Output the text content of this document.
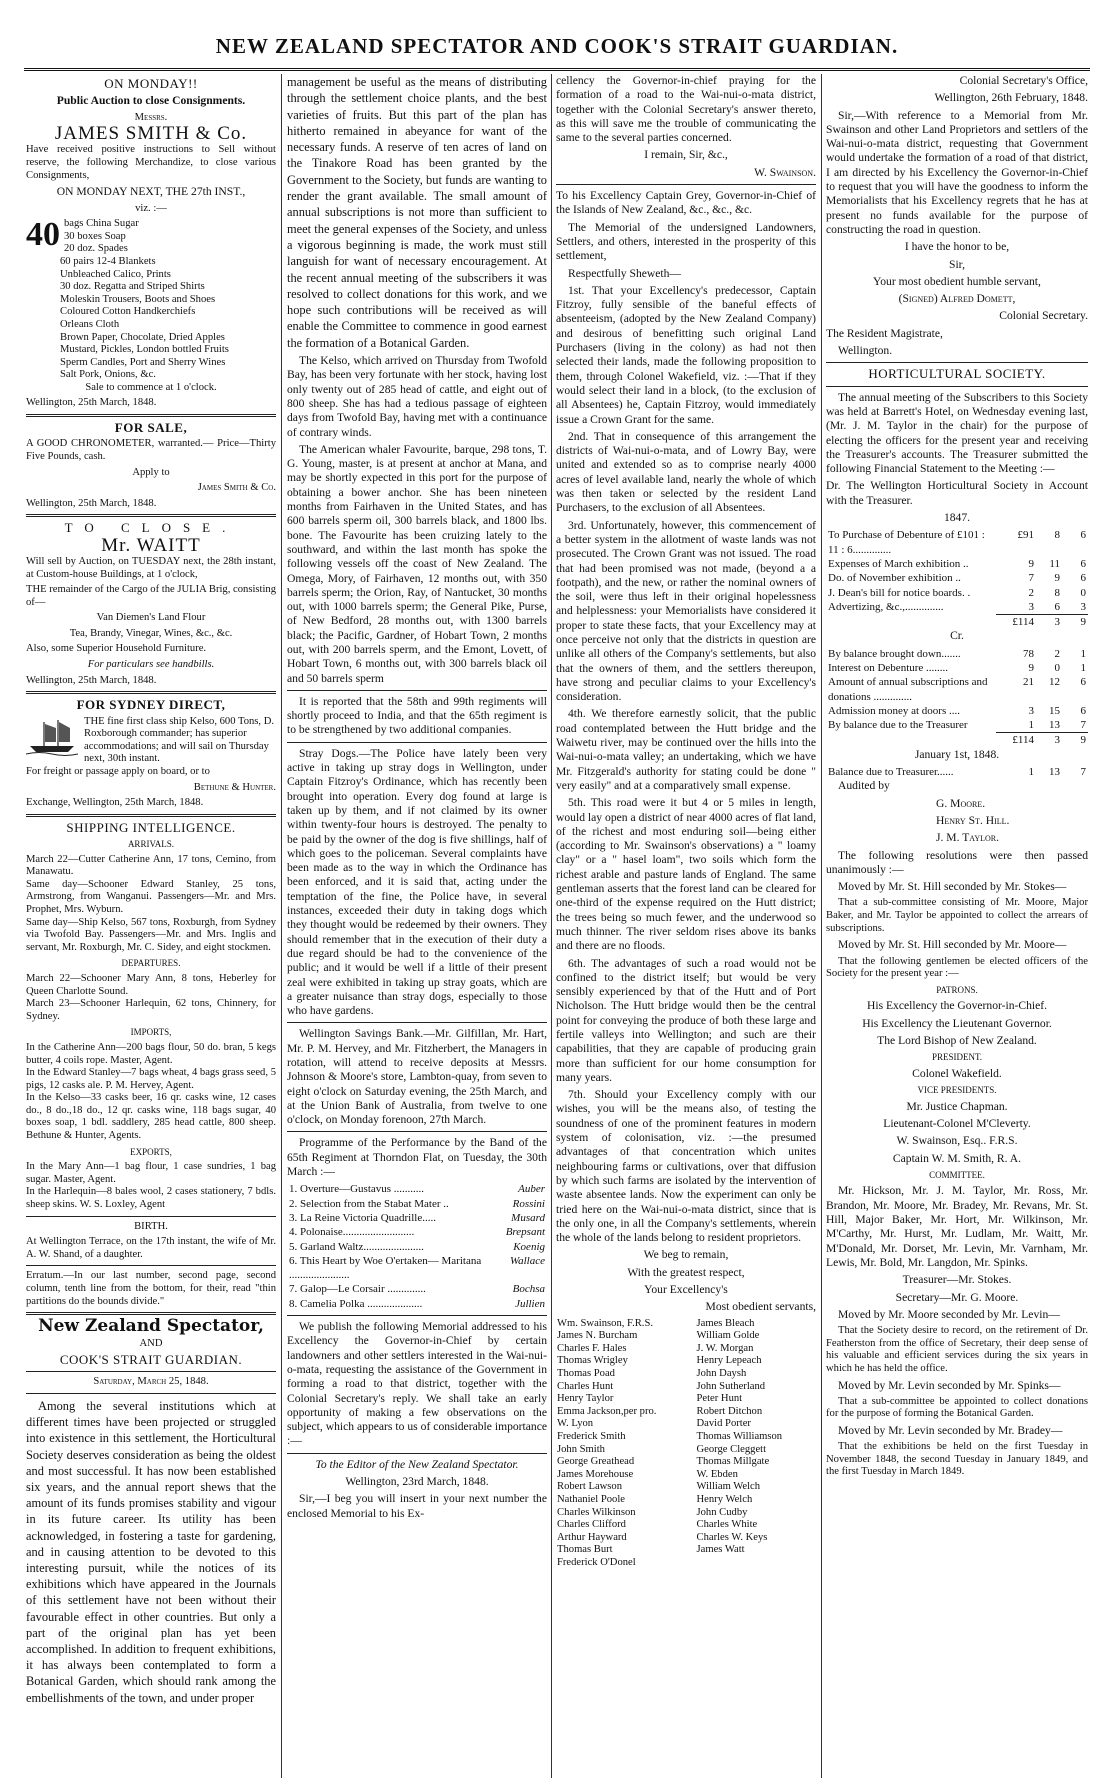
NEW ZEALAND SPECTATOR AND COOK'S STRAIT GUARDIAN.
ON MONDAY!!

Public Auction to close Consignments.

Messrs.

JAMES SMITH & Co.

Have received positive instructions to Sell without reserve, the following Merchandize, to close various Consignments,

ON MONDAY NEXT, THE 27th INST.,

viz. :—

40 bags China Sugar
30 boxes Soap
20 doz. Spades
60 pairs 12-4 Blankets
Unbleached Calico, Prints
30 doz. Regatta and Striped Shirts
Moleskin Trousers, Boots and Shoes
Coloured Cotton Handkerchiefs
Orleans Cloth
Brown Paper, Chocolate, Dried Apples
Mustard, Pickles, London bottled Fruits
Sperm Candles, Port and Sherry Wines
Salt Pork, Onions, &c.

Sale to commence at 1 o'clock.

Wellington, 25th March, 1848.

FOR SALE,

A GOOD CHRONOMETER, warranted.— Price—Thirty Five Pounds, cash.

Apply to

James Smith & Co.

Wellington, 25th March, 1848.

TO CLOSE.
Mr. WAITT

Will sell by Auction, on TUESDAY next, the 28th instant, at Custom-house Buildings, at 1 o'clock,

THE remainder of the Cargo of the JULIA Brig, consisting of—

Van Diemen's Land Flour

Tea, Brandy, Vinegar, Wines, &c., &c.

Also, some Superior Household Furniture.

For particulars see handbills.

Wellington, 25th March, 1848.

FOR SYDNEY DIRECT,
THE fine first class ship Kelso, 600 Tons, D. Roxborough commander; has superior accommodations; and will sail on Thursday next, 30th instant.

For freight or passage apply on board, or to

Bethune & Hunter.

Exchange, Wellington, 25th March, 1848.

SHIPPING INTELLIGENCE.

ARRIVALS.

March 22—Cutter Catherine Ann, 17 tons, Cemino, from Manawatu.
Same day—Schooner Edward Stanley, 25 tons, Armstrong, from Wanganui. Passengers—Mr. and Mrs. Prophet, Mrs. Wyburn.
Same day—Ship Kelso, 567 tons, Roxburgh, from Sydney via Twofold Bay. Passengers—Mr. and Mrs. Inglis and servant, Mr. Roxburgh, Mr. C. Sidey, and eight stockmen.

DEPARTURES.

March 22—Schooner Mary Ann, 8 tons, Heberley for Queen Charlotte Sound.
March 23—Schooner Harlequin, 62 tons, Chinnery, for Sydney.

IMPORTS,

In the Catherine Ann—200 bags flour, 50 do. bran, 5 kegs butter, 4 coils rope. Master, Agent.
In the Edward Stanley—7 bags wheat, 4 bags grass seed, 5 pigs, 12 casks ale. P. M. Hervey, Agent.
In the Kelso—33 casks beer, 16 qr. casks wine, 12 cases do., 8 do.,18 do., 12 qr. casks wine, 118 bags sugar, 40 boxes soap, 1 bdl. saddlery, 285 head cattle, 800 sheep. Bethune & Hunter, Agents.

EXPORTS,

In the Mary Ann—1 bag flour, 1 case sundries, 1 bag sugar. Master, Agent.
In the Harlequin—8 bales wool, 2 cases stationery, 7 bdls. sheep skins. W. S. Loxley, Agent

BIRTH.

At Wellington Terrace, on the 17th instant, the wife of Mr. A. W. Shand, of a daughter.

Erratum.—In our last number, second page, second column, tenth line from the bottom, for their, read "thin partitions do the bounds divide."

New Zealand Spectator,

AND

COOK'S STRAIT GUARDIAN.

Saturday, March 25, 1848.

Among the several institutions which at different times have been projected or struggled into existence in this settlement, the Horticultural Society deserves consideration as being the oldest and most successful. It has now been established six years, and the annual report shews that the amount of its funds promises stability and vigour in its future career. Its utility has been acknowledged, in fostering a taste for gardening, and in causing attention to be devoted to this interesting pursuit, while the notices of its exhibitions which have appeared in the Journals of this settlement have not been without their favourable effect in other countries. But only a part of the original plan has yet been accomplished. In addition to frequent exhibitions, it has always been contemplated to form a Botanical Garden, which should rank among the embellishments of the town, and under proper

management be useful as the means of distributing through the settlement choice plants, and the best varieties of fruits. But this part of the plan has hitherto remained in abeyance for want of the necessary funds. A reserve of ten acres of land on the Tinakore Road has been granted by the Government to the Society, but funds are wanting to render the grant available. The small amount of annual subscriptions is not more than sufficient to meet the general expenses of the Society, and unless a vigorous beginning is made, the work must still languish for want of necessary encouragement. At the recent annual meeting of the subscribers it was resolved to collect donations for this work, and we hope such contributions will be received as will enable the Committee to commence in good earnest the formation of a Botanical Garden.

The Kelso, which arrived on Thursday from Twofold Bay, has been very fortunate with her stock, having lost only twenty out of 285 head of cattle, and eight out of 800 sheep. She has had a tedious passage of eighteen days from Twofold Bay, having met with a continuance of contrary winds.

The American whaler Favourite, barque, 298 tons, T. G. Young, master, is at present at anchor at Mana, and may be shortly expected in this port for the purpose of obtaining a bower anchor. She has been nineteen months from Fairhaven in the United States, and has 600 barrels sperm oil, 300 barrels black, and 1800 lbs. bone. The Favourite has been cruizing lately to the southward, and within the last month has spoke the following vessels off the coast of New Zealand. The Omega, Mory, of Fairhaven, 12 months out, with 350 barrels sperm; the Orion, Ray, of Nantucket, 30 months out, with 1000 barrels sperm; the General Pike, Purse, of New Bedford, 28 months out, with 1300 barrels black; the Pacific, Gardner, of Hobart Town, 2 months out, with 200 barrels sperm, and the Emont, Lovett, of Hobart Town, 6 months out, with 300 barrels black oil and 50 barrels sperm

It is reported that the 58th and 99th regiments will shortly proceed to India, and that the 65th regiment is to be strengthened by two additional companies.

Stray Dogs.—The Police have lately been very active in taking up stray dogs in Wellington, under Captain Fitzroy's Ordinance, which has recently been brought into operation. Every dog found at large is taken up by them, and if not claimed by its owner within twenty-four hours is destroyed. The penalty to be paid by the owner of the dog is five shillings, half of which goes to the policeman. Several complaints have been made as to the way in which the Ordinance has been enforced, and it is said that, acting under the temptation of the fine, the Police have, in several instances, exceeded their duty in taking dogs which they thought would be redeemed by their owners. They should remember that in the execution of their duty a due regard should be had to the convenience of the public; and it would be well if a little of their present zeal were exhibited in taking up stray goats, which are a greater nuisance than stray dogs, especially to those who have gardens.

Wellington Savings Bank.—Mr. Gilfillan, Mr. Hart, Mr. P. M. Hervey, and Mr. Fitzherbert, the Managers in rotation, will attend to receive deposits at Messrs. Johnson & Moore's store, Lambton-quay, from seven to eight o'clock on Saturday evening, the 25th March, and at the Union Bank of Australia, from twelve to one o'clock, on Monday forenoon, 27th March.

Programme of the Performance by the Band of the 65th Regiment at Thorndon Flat, on Tuesday, the 30th March :—

1. Overture—Gustavus ...........	Auber
2. Selection from the Stabat Mater ..	Rossini
3. La Reine Victoria Quadrille.....	Musard
4. Polonaise..........................	Brepsant
5. Garland Waltz......................	Koenig
6. This Heart by Woe O'ertaken— Maritana ......................	Wallace
7. Galop—Le Corsair ..............	Bochsa
8. Camelia Polka ....................	Jullien

We publish the following Memorial addressed to his Excellency the Governor-in-Chief by certain landowners and other settlers interested in the Wai-nui-o-mata, requesting the assistance of the Government in forming a road to that district, together with the Colonial Secretary's reply. We shall take an early opportunity of making a few observations on the subject, which appears to us of considerable importance :—

To the Editor of the New Zealand Spectator.

Wellington, 23rd March, 1848.

Sir,—I beg you will insert in your next number the enclosed Memorial to his Ex-

cellency the Governor-in-chief praying for the formation of a road to the Wai-nui-o-mata district, together with the Colonial Secretary's answer thereto, as this will save me the trouble of communicating the same to the several parties concerned.

I remain, Sir, &c.,

W. Swainson.

To his Excellency Captain Grey, Governor-in-Chief of the Islands of New Zealand, &c., &c., &c.

The Memorial of the undersigned Landowners, Settlers, and others, interested in the prosperity of this settlement,

Respectfully Sheweth—

1st. That your Excellency's predecessor, Captain Fitzroy, fully sensible of the baneful effects of absenteeism, (adopted by the New Zealand Company) and desirous of benefitting such original Land Purchasers (living in the colony) as had not then selected their lands, made the following proposition to them, through Colonel Wakefield, viz. :—That if they would select their land in a block, (to the exclusion of all Absentees) he, Captain Fitzroy, would immediately issue a Crown Grant for the same.

2nd. That in consequence of this arrangement the districts of Wai-nui-o-mata, and of Lowry Bay, were united and extended so as to comprise nearly 4000 acres of level available land, nearly the whole of which was then taken or selected by the resident Land Purchasers, to the exclusion of all Absentees.

3rd. Unfortunately, however, this commencement of a better system in the allotment of waste lands was not prosecuted. The Crown Grant was not issued. The road that had been promised was not made, (beyond a a footpath), and the new, or rather the nominal owners of the soil, were thus left in their original hopelessness and helplessness: your Memorialists have considered it proper to state these facts, that your Excellency may at once perceive not only that the districts in question are unlike all others of the Company's settlements, but also that the owners of them, and the settlers thereupon, have strong and peculiar claims to your Excellency's consideration.

4th. We therefore earnestly solicit, that the public road contemplated between the Hutt bridge and the Waiwetu river, may be continued over the hills into the Wai-nui-o-mata valley; an undertaking, which we have Mr. Fitzgerald's authority for stating could be done " very easily" and at a comparatively small expense.

5th. This road were it but 4 or 5 miles in length, would lay open a district of near 4000 acres of flat land, of the richest and most enduring soil—being either (according to Mr. Swainson's observations) a " loamy clay" or a " hasel loam", two soils which form the richest arable and pasture lands of England. The same gentleman asserts that the forest land can be cleared for one-third of the expense required on the Hutt district; the trees being so much fewer, and the underwood so much thinner. The river seldom rises above its banks and there are no floods.

6th. The advantages of such a road would not be confined to the district itself; but would be very sensibly experienced by that of the Hutt and of Port Nicholson. The Hutt bridge would then be the central point for conveying the produce of both these large and fertile valleys into Wellington; and such are their capabilities, that they are capable of producing grain more than sufficient for our home consumption for many years.

7th. Should your Excellency comply with our wishes, you will be the means also, of testing the soundness of one of the prominent features in modern system of colonisation, viz. :—the presumed advantages of that concentration which unites neighbouring farms or cultivations, over that diffusion by which such farms are isolated by the intervention of waste absentee lands. Now the experiment can only be tried here on the Wai-nui-o-mata district, since that is the only one, in all the Company's settlements, wherein the whole of the lands belong to resident proprietors.

We beg to remain,

With the greatest respect,

Your Excellency's

Most obedient servants,

Wm. Swainson, F.R.S.	James Bleach
James N. Burcham	William Golde
Charles F. Hales	J. W. Morgan
Thomas Wrigley	Henry Lepeach
Thomas Poad	John Daysh
Charles Hunt	John Sutherland
Henry Taylor	Peter Hunt
Emma Jackson,per pro.	Robert Ditchon
W. Lyon	David Porter
Frederick Smith	Thomas Williamson
John Smith	George Cleggett
George Greathead	Thomas Millgate
James Morehouse	W. Ebden
Robert Lawson	William Welch
Nathaniel Poole	Henry Welch
Charles Wilkinson	John Cudby
Charles Clifford	Charles White
Arthur Hayward	Charles W. Keys
Thomas Burt	James Watt
Frederick O'Donel	

Colonial Secretary's Office,

Wellington, 26th February, 1848.

Sir,—With reference to a Memorial from Mr. Swainson and other Land Proprietors and settlers of the Wai-nui-o-mata district, requesting that Government would undertake the formation of a road of that district, I am directed by his Excellency the Governor-in-Chief to request that you will have the goodness to inform the Memorialists that his Excellency regrets that he has at present no funds available for the purpose of constructing the road in question.

I have the honor to be,

Sir,

Your most obedient humble servant,

(Signed) Alfred Domett,

Colonial Secretary.

The Resident Magistrate,

Wellington.

HORTICULTURAL SOCIETY.

The annual meeting of the Subscribers to this Society was held at Barrett's Hotel, on Wednesday evening last,(Mr. J. M. Taylor in the chair) for the purpose of electing the officers for the present year and receiving the Treasurer's accounts. The Treasurer submitted the following Financial Statement to the Meeting :—

Dr. The Wellington Horticultural Society in Account with the Treasurer.

1847.

To Purchase of Debenture of £101 : 11 : 6..............	£91	8	6
Expenses of March exhibition ..	9	11	6
Do. of November exhibition ..	7	9	6
J. Dean's bill for notice boards. .	2	8	0
Advertizing, &c.,..............	3	6	3
	£114	3	9

Cr.

By balance brought down.......	78	2	1
Interest on Debenture ........	9	0	1
Amount of annual subscriptions and donations ..............	21	12	6
Admission money at doors ....	3	15	6
By balance due to the Treasurer	1	13	7
	£114	3	9

January 1st, 1848.

Balance due to Treasurer......	1	13	7

Audited by

G. Moore.

Henry St. Hill.

J. M. Taylor.

The following resolutions were then passed unanimously :—

Moved by Mr. St. Hill seconded by Mr. Stokes—

That a sub-committee consisting of Mr. Moore, Major Baker, and Mr. Taylor be appointed to collect the arrears of subscriptions.

Moved by Mr. St. Hill seconded by Mr. Moore—

That the following gentlemen be elected officers of the Society for the present year :—

PATRONS.

His Excellency the Governor-in-Chief.

His Excellency the Lieutenant Governor.

The Lord Bishop of New Zealand.

PRESIDENT.

Colonel Wakefield.

VICE PRESIDENTS.

Mr. Justice Chapman.

Lieutenant-Colonel M'Cleverty.

W. Swainson, Esq.. F.R.S.

Captain W. M. Smith, R. A.

COMMITTEE.

Mr. Hickson, Mr. J. M. Taylor, Mr. Ross, Mr. Brandon, Mr. Moore, Mr. Bradey, Mr. Revans, Mr. St. Hill, Major Baker, Mr. Hort, Mr. Wilkinson, Mr. M'Carthy, Mr. Hurst, Mr. Ludlam, Mr. Waitt, Mr. M'Donald, Mr. Dorset, Mr. Levin, Mr. Varnham, Mr. Lewis, Mr. Bold, Mr. Langdon, Mr. Spinks.

Treasurer—Mr. Stokes.

Secretary—Mr. G. Moore.

Moved by Mr. Moore seconded by Mr. Levin—

That the Society desire to record, on the retirement of Dr. Featherston from the office of Secretary, their deep sense of his valuable and efficient services during the six years in which he has held the office.

Moved by Mr. Levin seconded by Mr. Spinks—

That a sub-committee be appointed to collect donations for the purpose of forming the Botanical Garden.

Moved by Mr. Levin seconded by Mr. Bradey—

That the exhibitions be held on the first Tuesday in November 1848, the second Tuesday in January 1849, and the first Tuesday in March 1849.
